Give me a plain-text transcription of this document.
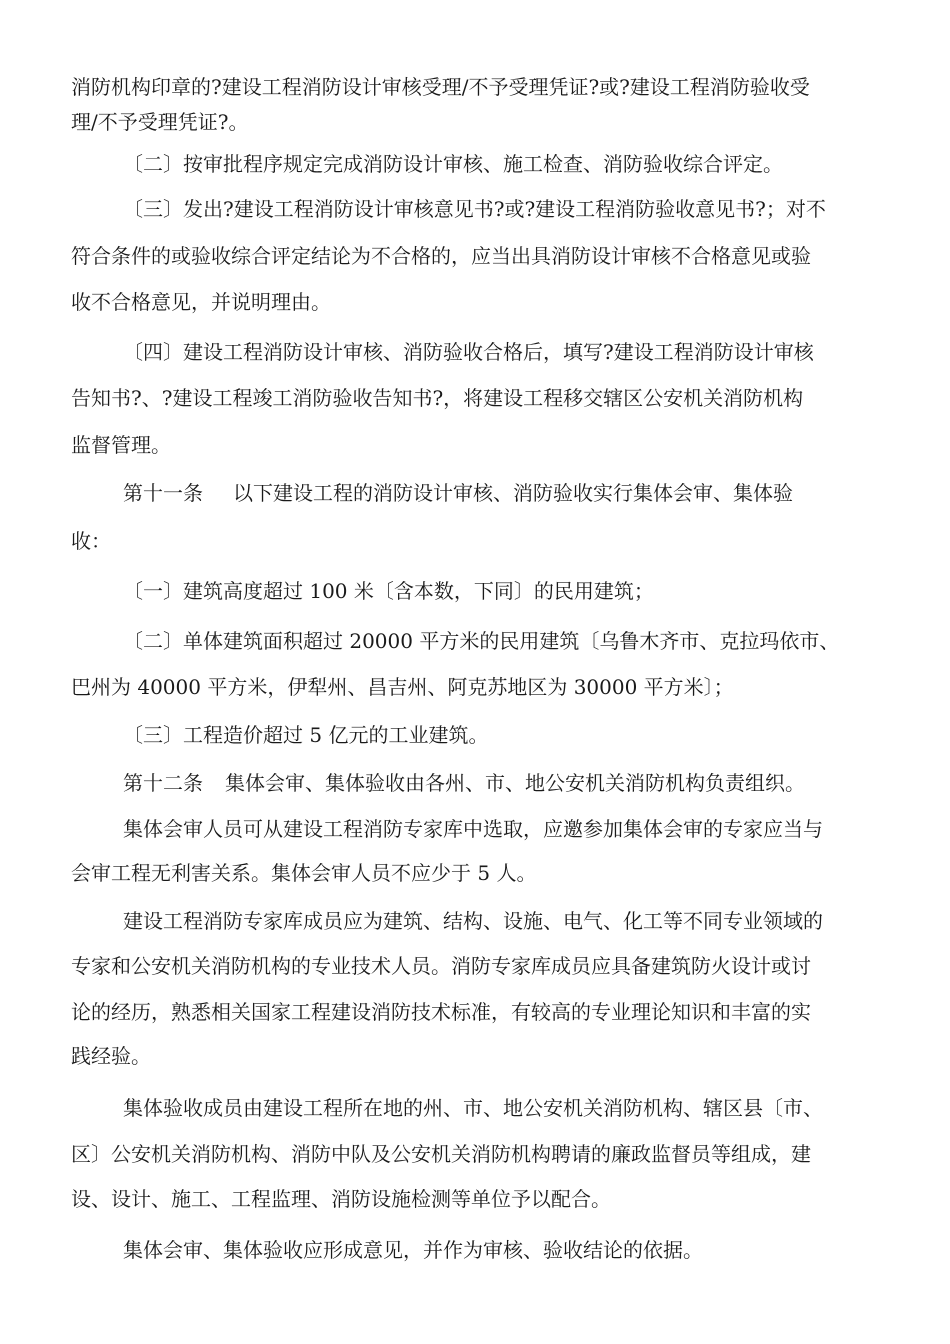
消防机构印章的?建设工程消防设计审核受理/不予受理凭证?或?建设工程消防验收受
理/不予受理凭证?。
〔二〕按审批程序规定完成消防设计审核、施工检查、消防验收综合评定。
〔三〕发出?建设工程消防设计审核意见书?或?建设工程消防验收意见书?；对不
符合条件的或验收综合评定结论为不合格的，应当出具消防设计审核不合格意见或验
收不合格意见，并说明理由。
〔四〕建设工程消防设计审核、消防验收合格后，填写?建设工程消防设计审核
告知书?、?建设工程竣工消防验收告知书?，将建设工程移交辖区公安机关消防机构
监督管理。
第十一条 以下建设工程的消防设计审核、消防验收实行集体会审、集体验
收：
〔一〕建筑高度超过 100 米〔含本数，下同〕的民用建筑；
〔二〕单体建筑面积超过 20000 平方米的民用建筑〔乌鲁木齐市、克拉玛依市、
巴州为 40000 平方米，伊犁州、昌吉州、阿克苏地区为 30000 平方米〕；
〔三〕工程造价超过 5 亿元的工业建筑。
第十二条 集体会审、集体验收由各州、市、地公安机关消防机构负责组织。
集体会审人员可从建设工程消防专家库中选取，应邀参加集体会审的专家应当与
会审工程无利害关系。集体会审人员不应少于 5 人。
建设工程消防专家库成员应为建筑、结构、设施、电气、化工等不同专业领域的
专家和公安机关消防机构的专业技术人员。消防专家库成员应具备建筑防火设计或讨
论的经历，熟悉相关国家工程建设消防技术标准，有较高的专业理论知识和丰富的实
践经验。
集体验收成员由建设工程所在地的州、市、地公安机关消防机构、辖区县〔市、
区〕公安机关消防机构、消防中队及公安机关消防机构聘请的廉政监督员等组成，建
设、设计、施工、工程监理、消防设施检测等单位予以配合。
集体会审、集体验收应形成意见，并作为审核、验收结论的依据。
